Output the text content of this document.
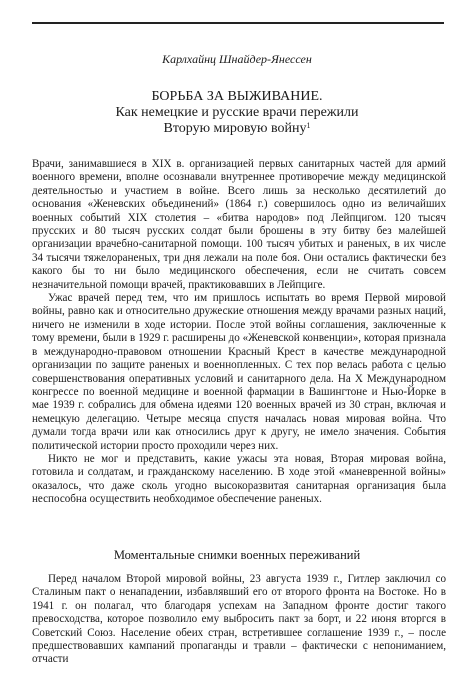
Карлхайнц Шнайдер-Янессен
БОРЬБА ЗА ВЫЖИВАНИЕ.
Как немецкие и русские врачи пережили
Вторую мировую войну$^1$

Врачи, занимавшиеся в XIX в. организацией первых санитарных частей для армий военного времени, вполне осознавали внутреннее противоречие между медицинской деятельностью и участием в войне. Всего лишь за несколько десятилетий до основания «Женевских объединений» (1864 г.) совершилось одно из величайших военных событий XIX столетия – «битва народов» под Лейпцигом. 120 тысяч прусских и 80 тысяч русских солдат были брошены в эту битву без малейшей организации врачебно-санитарной помощи. 100 тысяч убитых и раненых, в их числе 34 тысячи тяжелораненых, три дня лежали на поле боя. Они остались фактически без какого бы то ни было медицинского обеспечения, если не считать совсем незначительной помощи врачей, практиковавших в Лейпциге.

Ужас врачей перед тем, что им пришлось испытать во время Первой мировой войны, равно как и относительно дружеские отношения между врачами разных наций, ничего не изменили в ходе истории. После этой войны соглашения, заключенные к тому времени, были в 1929 г. расширены до «Женевской конвенции», которая признала в международно-правовом отношении Красный Крест в качестве международной организации по защите раненых и военнопленных. С тех пор велась работа с целью совершенствования оперативных условий и санитарного дела. На X Международном конгрессе по военной медицине и военной фармации в Вашингтоне и Нью-Йорке в мае 1939 г. собрались для обмена идеями 120 военных врачей из 30 стран, включая и немецкую делегацию. Четыре месяца спустя началась новая мировая война. Что думали тогда врачи или как относились друг к другу, не имело значения. События политической истории просто проходили через них.

Никто не мог и представить, какие ужасы эта новая, Вторая мировая война, готовила и солдатам, и гражданскому населению. В ходе этой «маневренной войны» оказалось, что даже сколь угодно высокоразвитая санитарная организация была неспособна осуществить необходимое обеспечение раненых.

Моментальные снимки военных переживаний

Перед началом Второй мировой войны, 23 августа 1939 г., Гитлер заключил со Сталиным пакт о ненападении, избавлявший его от второго фронта на Востоке. Но в 1941 г. он полагал, что благодаря успехам на Западном фронте достиг такого превосходства, которое позволило ему выбросить пакт за борт, и 22 июня вторгся в Советский Союз. Население обеих стран, встретившее соглашение 1939 г., – после предшествовавших кампаний пропаганды и травли – фактически с непониманием, отчасти
